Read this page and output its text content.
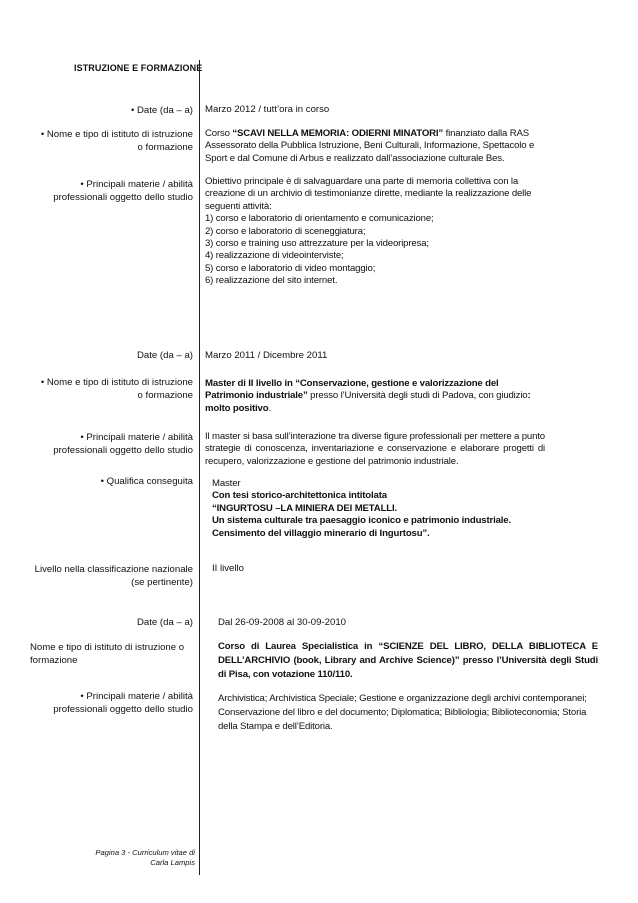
ISTRUZIONE E FORMAZIONE
• Date (da – a) Marzo 2012 / tutt’ora in corso
• Nome e tipo di istituto di istruzione o formazione
Corso “SCAVI NELLA MEMORIA: ODIERNI MINATORI” finanziato dalla RAS Assessorato della Pubblica Istruzione, Beni Culturali, Informazione, Spettacolo e Sport e dal Comune di Arbus e realizzato dall’associazione culturale Bes.
• Principali materie / abilità professionali oggetto dello studio
Obiettivo principale è di salvaguardare una parte di memoria collettiva con la creazione di un archivio di testimonianze dirette, mediante la realizzazione delle seguenti attività:
1) corso e laboratorio di orientamento e comunicazione;
2) corso e laboratorio di sceneggiatura;
3) corso e training uso attrezzature per la videoripresa;
4) realizzazione di videointerviste;
5) corso e laboratorio di video montaggio;
6) realizzazione del sito internet.
Date (da – a) Marzo 2011 / Dicembre 2011
• Nome e tipo di istituto di istruzione o formazione
Master di II livello in “Conservazione, gestione e valorizzazione del Patrimonio industriale” presso l’Università degli studi di Padova, con giudizio: molto positivo.
• Principali materie / abilità professionali oggetto dello studio
Il master si basa sull’interazione tra diverse figure professionali per mettere a punto strategie di conoscenza, inventariazione e conservazione e elaborare progetti di recupero, valorizzazione e gestione del patrimonio industriale.
• Qualifica conseguita Master
Con tesi storico-architettonica intitolata
“INGURTOSU –LA MINIERA DEI METALLI.
Un sistema culturale tra paesaggio iconico e patrimonio industriale.
Censimento del villaggio minerario di Ingurtosu”.
Livello nella classificazione nazionale (se pertinente)
II livello
Date (da – a)	Dal 26-09-2008 al 30-09-2010
Nome e tipo di istituto di istruzione o formazione
Corso di Laurea Specialistica in “SCIENZE DEL LIBRO, DELLA BIBLIOTECA E DELL’ARCHIVIO (book, Library and Archive Science)” presso l’Università degli Studi di Pisa, con votazione 110/110.
• Principali materie / abilità professionali oggetto dello studio
Archivistica; Archivistica Speciale; Gestione e organizzazione degli archivi contemporanei; Conservazione del libro e del documento; Diplomatica; Bibliologia; Biblioteconomia; Storia della Stampa e dell’Editoria.
Pagina 3 - Curriculum vitae di
Carla Lampis
